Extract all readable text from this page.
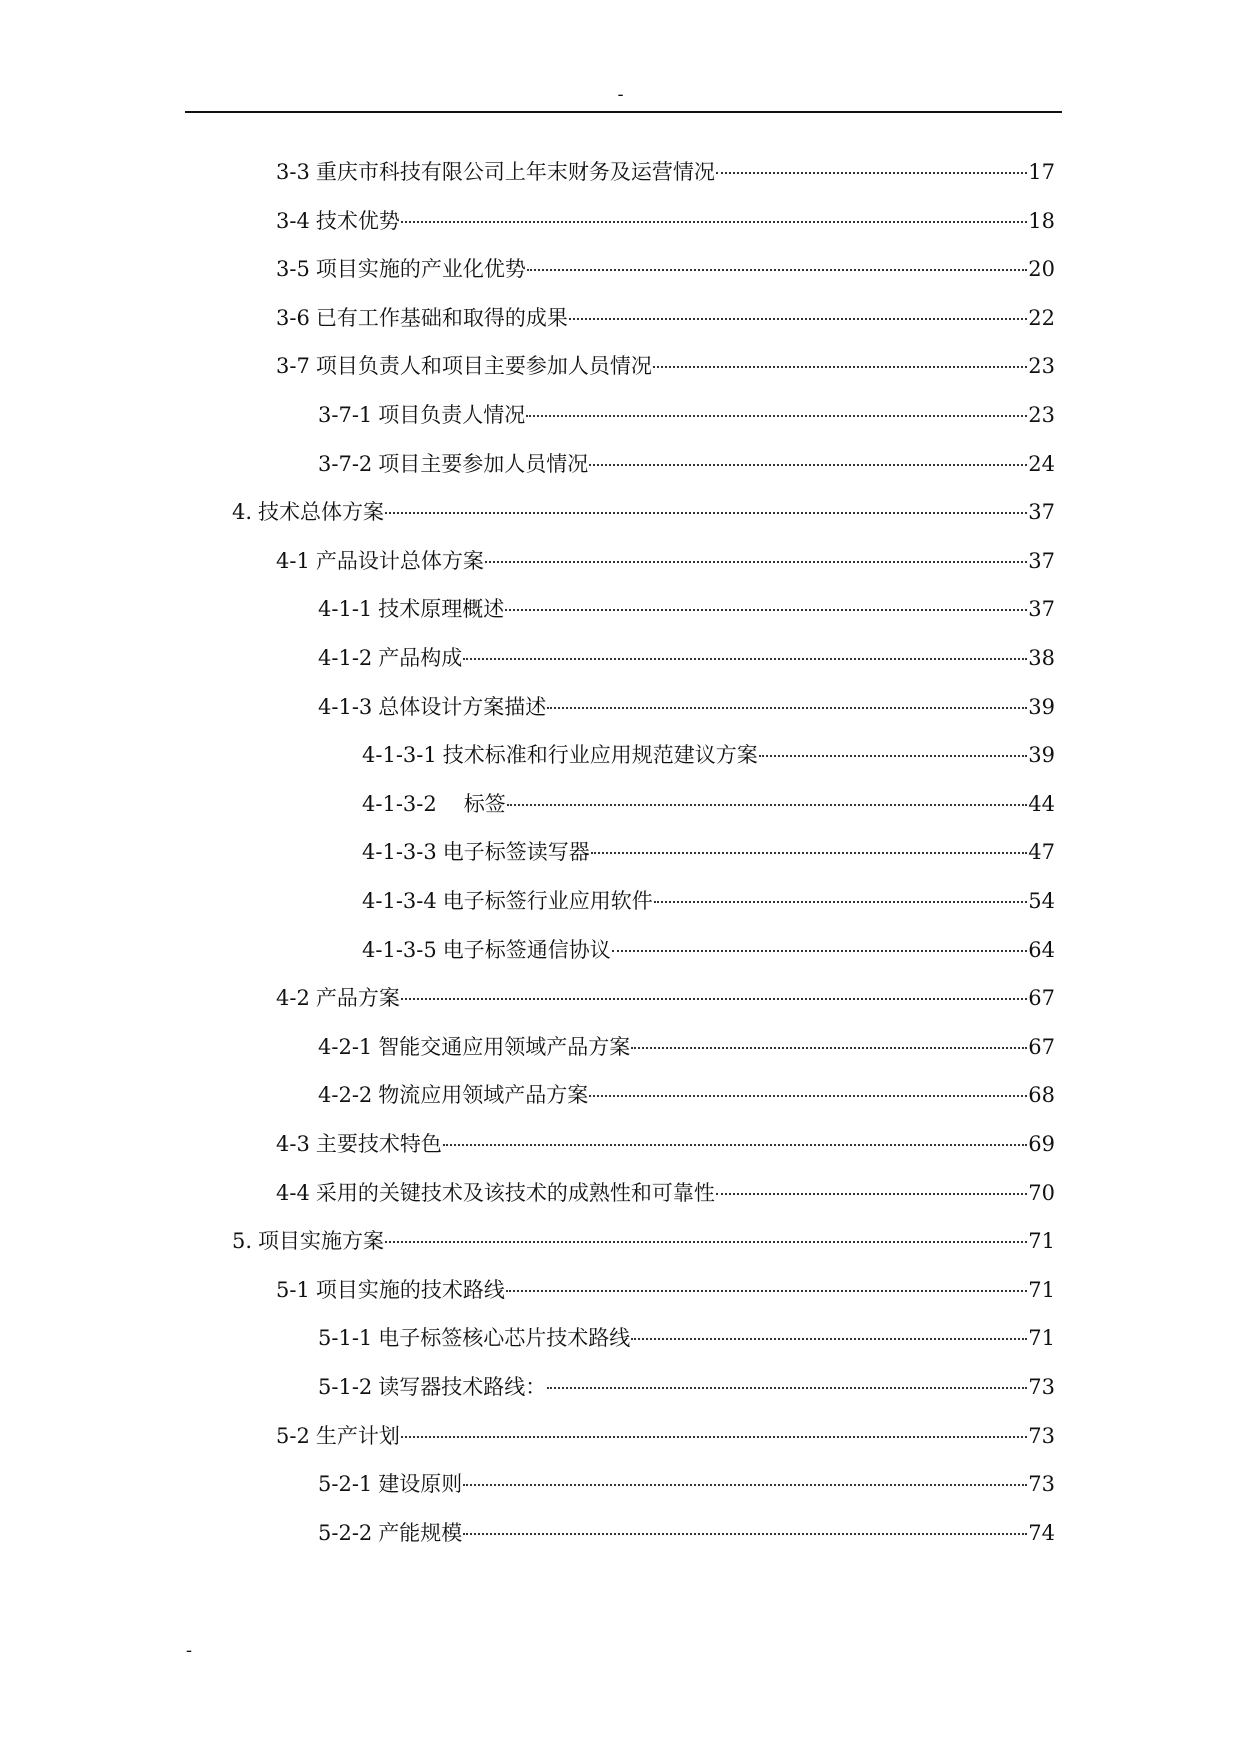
-
3-3 重庆市科技有限公司上年末财务及运营情况	17
3-4 技术优势	18
3-5 项目实施的产业化优势	20
3-6 已有工作基础和取得的成果	22
3-7 项目负责人和项目主要参加人员情况	23
3-7-1 项目负责人情况	23
3-7-2 项目主要参加人员情况	24
4. 技术总体方案	37
4-1 产品设计总体方案	37
4-1-1 技术原理概述	37
4-1-2 产品构成	38
4-1-3 总体设计方案描述	39
4-1-3-1 技术标准和行业应用规范建议方案	39
4-1-3-2 　标签	44
4-1-3-3 电子标签读写器	47
4-1-3-4 电子标签行业应用软件	54
4-1-3-5 电子标签通信协议	64
4-2 产品方案	67
4-2-1 智能交通应用领域产品方案	67
4-2-2 物流应用领域产品方案	68
4-3 主要技术特色	69
4-4 采用的关键技术及该技术的成熟性和可靠性	70
5. 项目实施方案	71
5-1 项目实施的技术路线	71
5-1-1 电子标签核心芯片技术路线	71
5-1-2 读写器技术路线：	73
5-2 生产计划	73
5-2-1 建设原则	73
5-2-2 产能规模	74
-
